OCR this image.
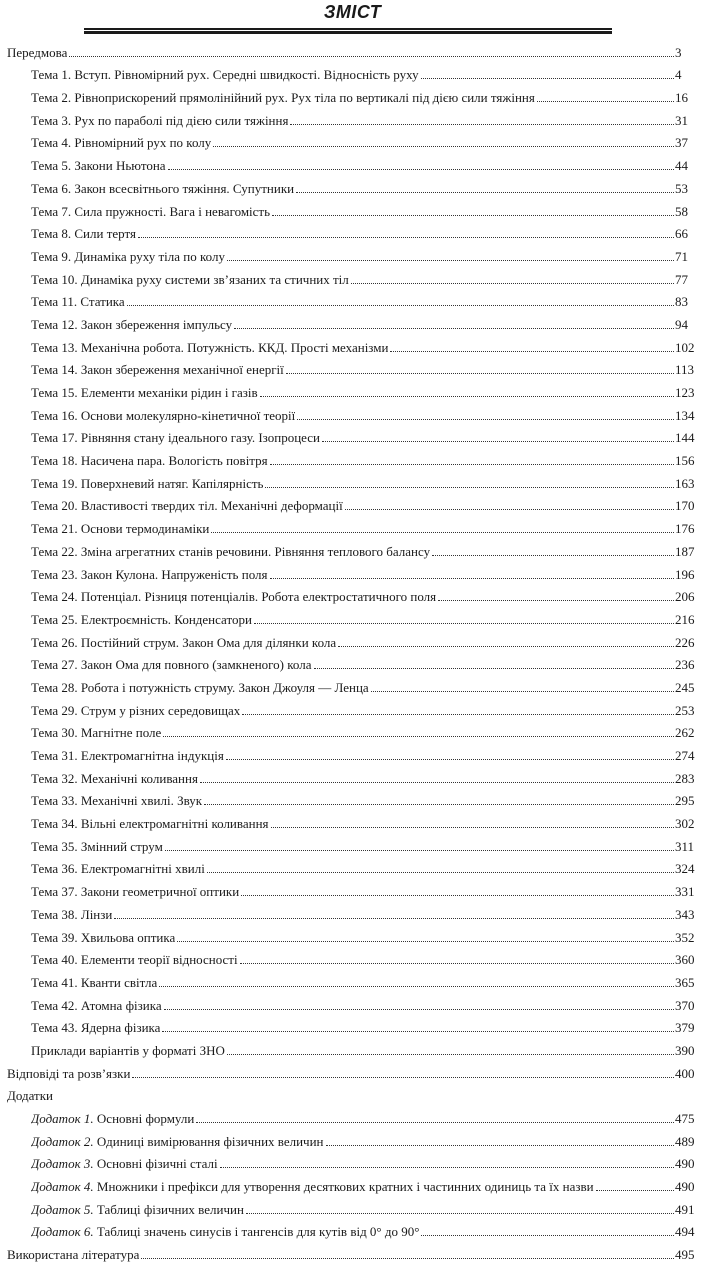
ЗМІСТ
Передмова	3
Тема 1. Вступ. Рівномірний рух. Середні швидкості. Відносність руху	4
Тема 2. Рівноприскорений прямолінійний рух. Рух тіла по вертикалі під дією сили тяжіння	16
Тема 3. Рух по параболі під дією сили тяжіння	31
Тема 4. Рівномірний рух по колу	37
Тема 5. Закони Ньютона	44
Тема 6. Закон всесвітнього тяжіння. Супутники	53
Тема 7. Сила пружності. Вага і невагомість	58
Тема 8. Сили тертя	66
Тема 9. Динаміка руху тіла по колу	71
Тема 10. Динаміка руху системи зв’язаних та стичних тіл	77
Тема 11. Статика	83
Тема 12. Закон збереження імпульсу	94
Тема 13. Механічна робота. Потужність. ККД. Прості механізми	102
Тема 14. Закон збереження механічної енергії	113
Тема 15. Елементи механіки рідин і газів	123
Тема 16. Основи молекулярно-кінетичної теорії	134
Тема 17. Рівняння стану ідеального газу. Ізопроцеси	144
Тема 18. Насичена пара. Вологість повітря	156
Тема 19. Поверхневий натяг. Капілярність	163
Тема 20. Властивості твердих тіл. Механічні деформації	170
Тема 21. Основи термодинаміки	176
Тема 22. Зміна агрегатних станів речовини. Рівняння теплового балансу	187
Тема 23. Закон Кулона. Напруженість поля	196
Тема 24. Потенціал. Різниця потенціалів. Робота електростатичного поля	206
Тема 25. Електроємність. Конденсатори	216
Тема 26. Постійний струм. Закон Ома для ділянки кола	226
Тема 27. Закон Ома для повного (замкненого) кола	236
Тема 28. Робота і потужність струму. Закон Джоуля — Ленца	245
Тема 29. Струм у різних середовищах	253
Тема 30. Магнітне поле	262
Тема 31. Електромагнітна індукція	274
Тема 32. Механічні коливання	283
Тема 33. Механічні хвилі. Звук	295
Тема 34. Вільні електромагнітні коливання	302
Тема 35. Змінний струм	311
Тема 36. Електромагнітні хвилі	324
Тема 37. Закони геометричної оптики	331
Тема 38. Лінзи	343
Тема 39. Хвильова оптика	352
Тема 40. Елементи теорії відносності	360
Тема 41. Кванти світла	365
Тема 42. Атомна фізика	370
Тема 43. Ядерна фізика	379
Приклади варіантів у форматі ЗНО	390
Відповіді та розв’язки	400
Додатки
Додаток 1. Основні формули	475
Додаток 2. Одиниці вимірювання фізичних величин	489
Додаток 3. Основні фізичні сталі	490
Додаток 4. Множники і префікси для утворення десяткових кратних і частинних одиниць та їх назви	490
Додаток 5. Таблиці фізичних величин	491
Додаток 6. Таблиці значень синусів і тангенсів для кутів від 0° до 90°	494
Використана література	495
